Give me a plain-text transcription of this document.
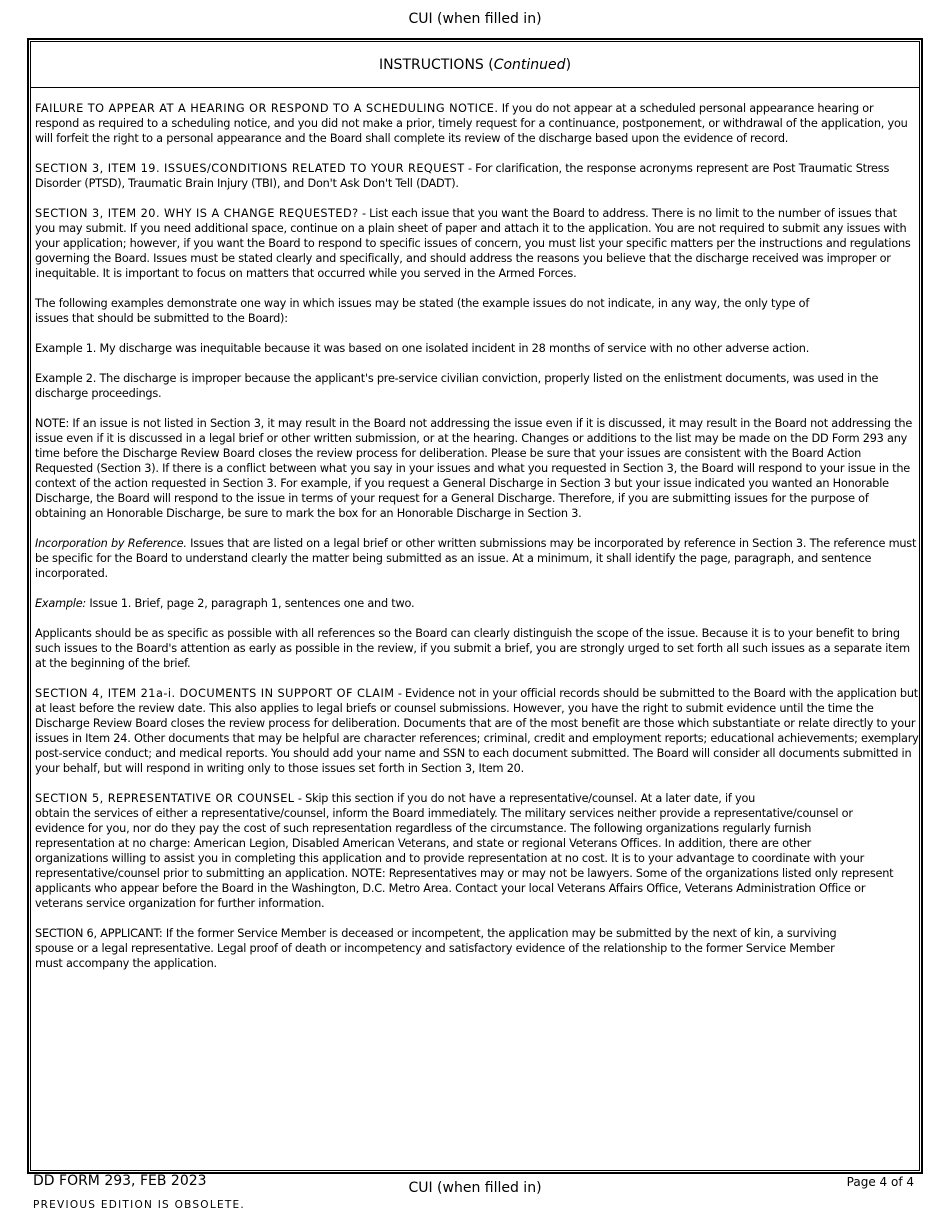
CUI (when filled in)
INSTRUCTIONS ( Continued )

FAILURE TO APPEAR AT A HEARING OR RESPOND TO A SCHEDULING NOTICE. If you do not appear at a scheduled personal appearance hearing or respond as required to a scheduling notice, and you did not make a prior, timely request for a continuance, postponement, or withdrawal of the application, you will forfeit the right to a personal appearance and the Board shall complete its review of the discharge based upon the evidence of record.

SECTION 3, ITEM 19. ISSUES/CONDITIONS RELATED TO YOUR REQUEST - For clarification, the response acronyms represent are Post Traumatic Stress Disorder (PTSD), Traumatic Brain Injury (TBI), and Don't Ask Don't Tell (DADT).

SECTION 3, ITEM 20. WHY IS A CHANGE REQUESTED? - List each issue that you want the Board to address. There is no limit to the number of issues that you may submit. If you need additional space, continue on a plain sheet of paper and attach it to the application. You are not required to submit any issues with your application; however, if you want the Board to respond to specific issues of concern, you must list your specific matters per the instructions and regulations governing the Board. Issues must be stated clearly and specifically, and should address the reasons you believe that the discharge received was improper or inequitable. It is important to focus on matters that occurred while you served in the Armed Forces.

The following examples demonstrate one way in which issues may be stated (the example issues do not indicate, in any way, the only type of
issues that should be submitted to the Board):

Example 1. My discharge was inequitable because it was based on one isolated incident in 28 months of service with no other adverse action.

Example 2. The discharge is improper because the applicant's pre-service civilian conviction, properly listed on the enlistment documents, was used in the discharge proceedings.

NOTE: If an issue is not listed in Section 3, it may result in the Board not addressing the issue even if it is discussed, it may result in the Board not addressing the issue even if it is discussed in a legal brief or other written submission, or at the hearing. Changes or additions to the list may be made on the DD Form 293 any time before the Discharge Review Board closes the review process for deliberation. Please be sure that your issues are consistent with the Board Action Requested (Section 3). If there is a conflict between what you say in your issues and what you requested in Section 3, the Board will respond to your issue in the context of the action requested in Section 3. For example, if you request a General Discharge in Section 3 but your issue indicated you wanted an Honorable Discharge, the Board will respond to the issue in terms of your request for a General Discharge. Therefore, if you are submitting issues for the purpose of obtaining an Honorable Discharge, be sure to mark the box for an Honorable Discharge in Section 3.

Incorporation by Reference. Issues that are listed on a legal brief or other written submissions may be incorporated by reference in Section 3. The reference must be specific for the Board to understand clearly the matter being submitted as an issue. At a minimum, it shall identify the page, paragraph, and sentence incorporated.

Example: Issue 1. Brief, page 2, paragraph 1, sentences one and two.

Applicants should be as specific as possible with all references so the Board can clearly distinguish the scope of the issue. Because it is to your benefit to bring such issues to the Board's attention as early as possible in the review, if you submit a brief, you are strongly urged to set forth all such issues as a separate item at the beginning of the brief.

SECTION 4, ITEM 21a-i. DOCUMENTS IN SUPPORT OF CLAIM - Evidence not in your official records should be submitted to the Board with the application but at least before the review date. This also applies to legal briefs or counsel submissions. However, you have the right to submit evidence until the time the Discharge Review Board closes the review process for deliberation. Documents that are of the most benefit are those which substantiate or relate directly to your issues in Item 24. Other documents that may be helpful are character references; criminal, credit and employment reports; educational achievements; exemplary post-service conduct; and medical reports. You should add your name and SSN to each document submitted. The Board will consider all documents submitted in your behalf, but will respond in writing only to those issues set forth in Section 3, Item 20.

SECTION 5, REPRESENTATIVE OR COUNSEL - Skip this section if you do not have a representative/counsel. At a later date, if you
obtain the services of either a representative/counsel, inform the Board immediately. The military services neither provide a representative/counsel or
evidence for you, nor do they pay the cost of such representation regardless of the circumstance. The following organizations regularly furnish
representation at no charge: American Legion, Disabled American Veterans, and state or regional Veterans Offices. In addition, there are other
organizations willing to assist you in completing this application and to provide representation at no cost. It is to your advantage to coordinate with your
representative/counsel prior to submitting an application. NOTE: Representatives may or may not be lawyers. Some of the organizations listed only represent
applicants who appear before the Board in the Washington, D.C. Metro Area. Contact your local Veterans Affairs Office, Veterans Administration Office or
veterans service organization for further information.

SECTION 6, APPLICANT: If the former Service Member is deceased or incompetent, the application may be submitted by the next of kin, a surviving
spouse or a legal representative. Legal proof of death or incompetency and satisfactory evidence of the relationship to the former Service Member
must accompany the application.

DD FORM 293, FEB 2023
PREVIOUS EDITION IS OBSOLETE.
CUI (when filled in)	Page 4 of 4
